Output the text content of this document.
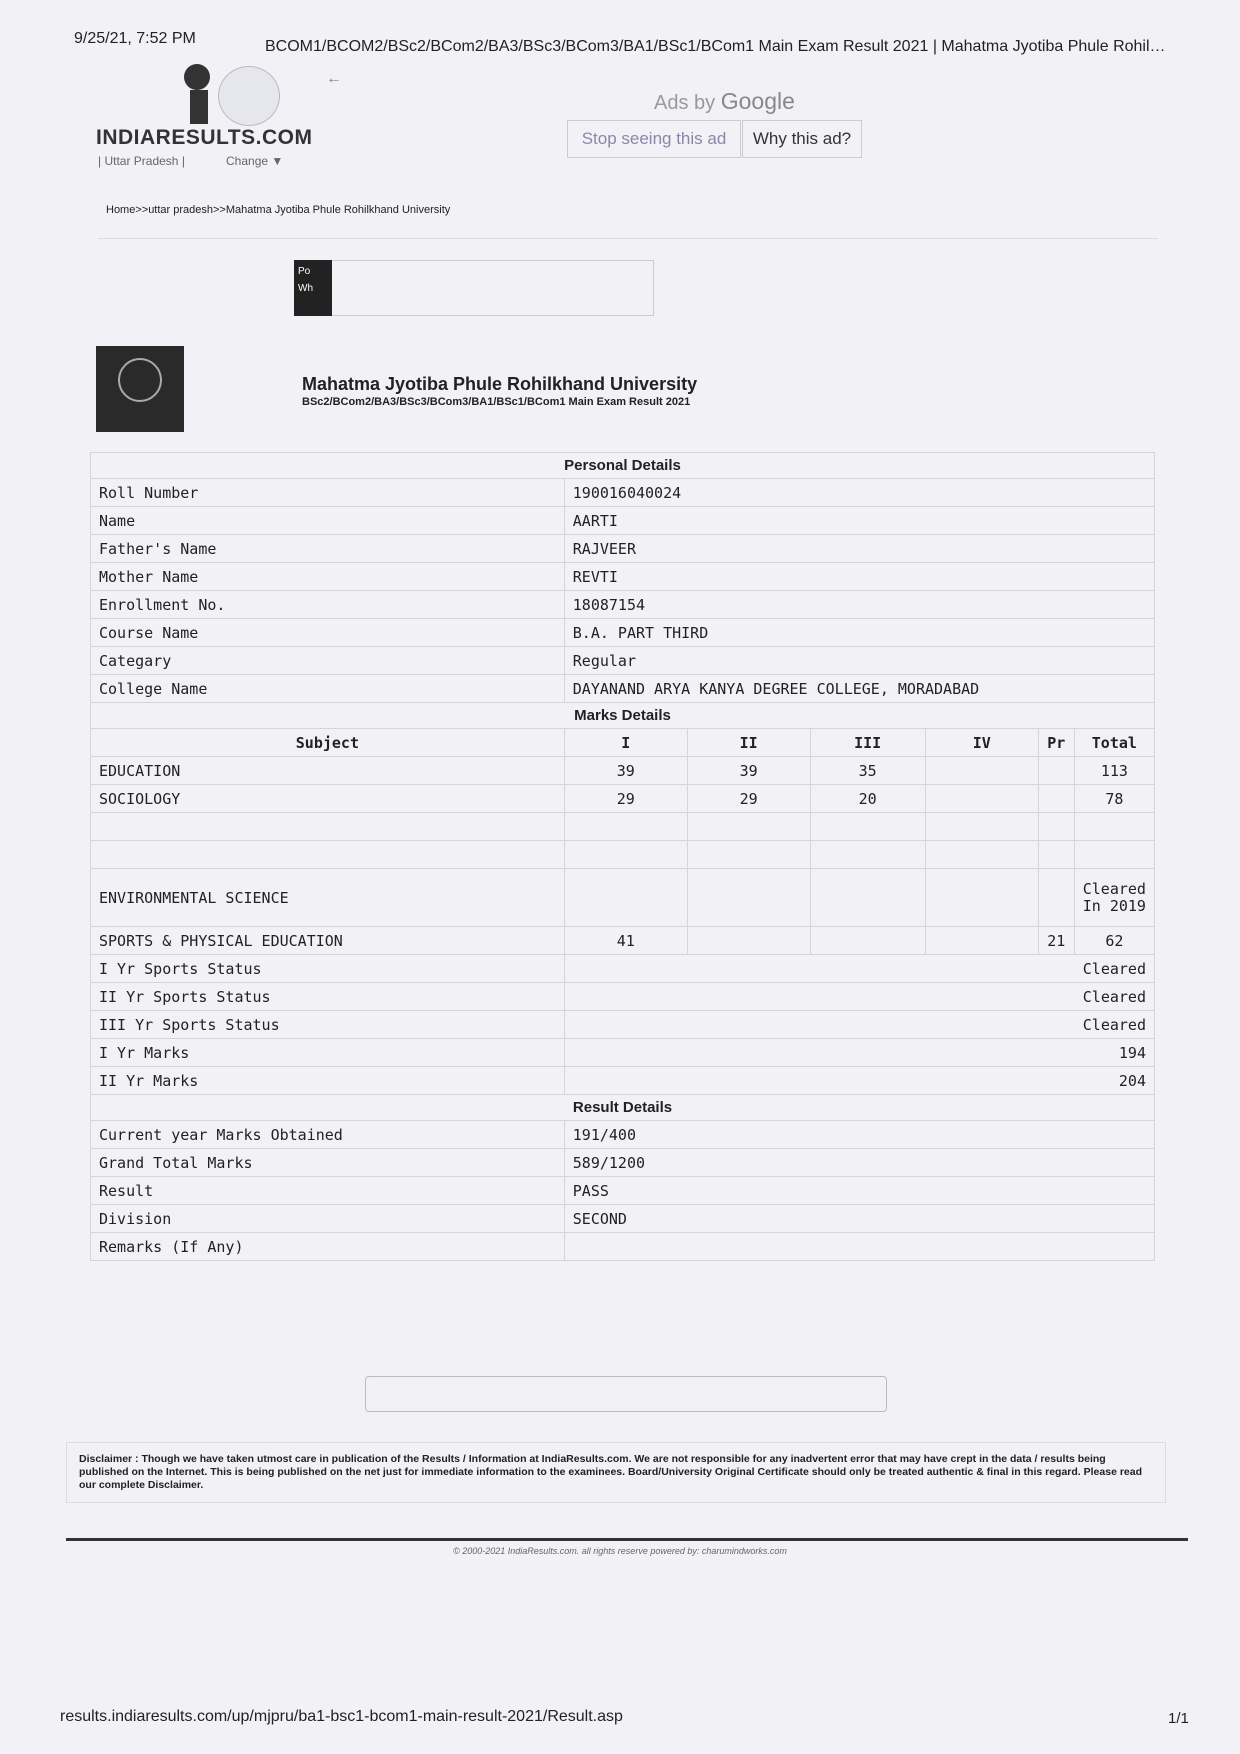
9/25/21, 7:52 PM	BCOM1/BCOM2/BSc2/BCom2/BA3/BSc3/BCom3/BA1/BSc1/BCom1 Main Exam Result 2021 | Mahatma Jyotiba Phule Rohil…
INDIARESULTS.COM
| Uttar Pradesh |	Change ▼
←
Ads by Google
Stop seeing this ad	Why this ad?
Home>>uttar pradesh>>Mahatma Jyotiba Phule Rohilkhand University
Po
Wh
Mahatma Jyotiba Phule Rohilkhand University
BSc2/BCom2/BA3/BSc3/BCom3/BA1/BSc1/BCom1 Main Exam Result 2021
Personal Details						
Roll Number	190016040024					
Name	AARTI					
Father's Name	RAJVEER					
Mother Name	REVTI					
Enrollment No.	18087154					
Course Name	B.A. PART THIRD					
Categary	Regular					
College Name	DAYANAND ARYA KANYA DEGREE COLLEGE, MORADABAD					
Marks Details						
Subject	I	II	III	IV	Pr	Total
EDUCATION	39	39	35			113
SOCIOLOGY	29	29	20			78

ENVIRONMENTAL SCIENCE						Cleared In 2019
SPORTS & PHYSICAL EDUCATION	41				21	62
I Yr Sports Status	Cleared					
II Yr Sports Status	Cleared					
III Yr Sports Status	Cleared					
I Yr Marks	194					
II Yr Marks	204					
Result Details						
Current year Marks Obtained	191/400					
Grand Total Marks	589/1200					
Result	PASS					
Division	SECOND					
Remarks (If Any)						
Disclaimer : Though we have taken utmost care in publication of the Results / Information at IndiaResults.com. We are not responsible for any inadvertent error that may have crept in the data / results being published on the Internet. This is being published on the net just for immediate information to the examinees. Board/University Original Certificate should only be treated authentic & final in this regard. Please read our complete Disclaimer.
© 2000-2021 IndiaResults.com. all rights reserve powered by: charumindworks.com
results.indiaresults.com/up/mjpru/ba1-bsc1-bcom1-main-result-2021/Result.asp	1/1
